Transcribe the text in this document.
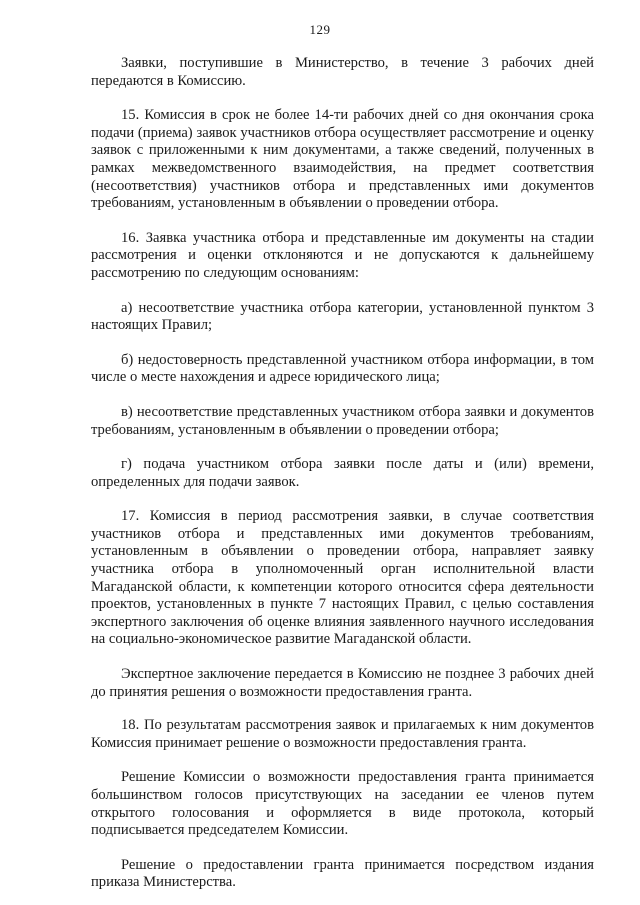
129

Заявки, поступившие в Министерство, в течение 3 рабочих дней передаются в Комиссию.

15. Комиссия в срок не более 14-ти рабочих дней со дня окончания срока подачи (приема) заявок участников отбора осуществляет рассмотрение и оценку заявок с приложенными к ним документами, а также сведений, полученных в рамках межведомственного взаимодействия, на предмет соответствия (несоответствия) участников отбора и представленных ими документов требованиям, установленным в объявлении о проведении отбора.

16. Заявка участника отбора и представленные им документы на стадии рассмотрения и оценки отклоняются и не допускаются к дальнейшему рассмотрению по следующим основаниям:

а) несоответствие участника отбора категории, установленной пунктом 3 настоящих Правил;

б) недостоверность представленной участником отбора информации, в том числе о месте нахождения и адресе юридического лица;

в) несоответствие представленных участником отбора заявки и документов требованиям, установленным в объявлении о проведении отбора;

г) подача участником отбора заявки после даты и (или) времени, определенных для подачи заявок.

17. Комиссия в период рассмотрения заявки, в случае соответствия участников отбора и представленных ими документов требованиям, установленным в объявлении о проведении отбора, направляет заявку участника отбора в уполномоченный орган исполнительной власти Магаданской области, к компетенции которого относится сфера деятельности проектов, установленных в пункте 7 настоящих Правил, с целью составления экспертного заключения об оценке влияния заявленного научного исследования на социально-экономическое развитие Магаданской области.

Экспертное заключение передается в Комиссию не позднее 3 рабочих дней до принятия решения о возможности предоставления гранта.

18. По результатам рассмотрения заявок и прилагаемых к ним документов Комиссия принимает решение о возможности предоставления гранта.

Решение Комиссии о возможности предоставления гранта принимается большинством голосов присутствующих на заседании ее членов путем открытого голосования и оформляется в виде протокола, который подписывается председателем Комиссии.

Решение о предоставлении гранта принимается посредством издания приказа Министерства.
